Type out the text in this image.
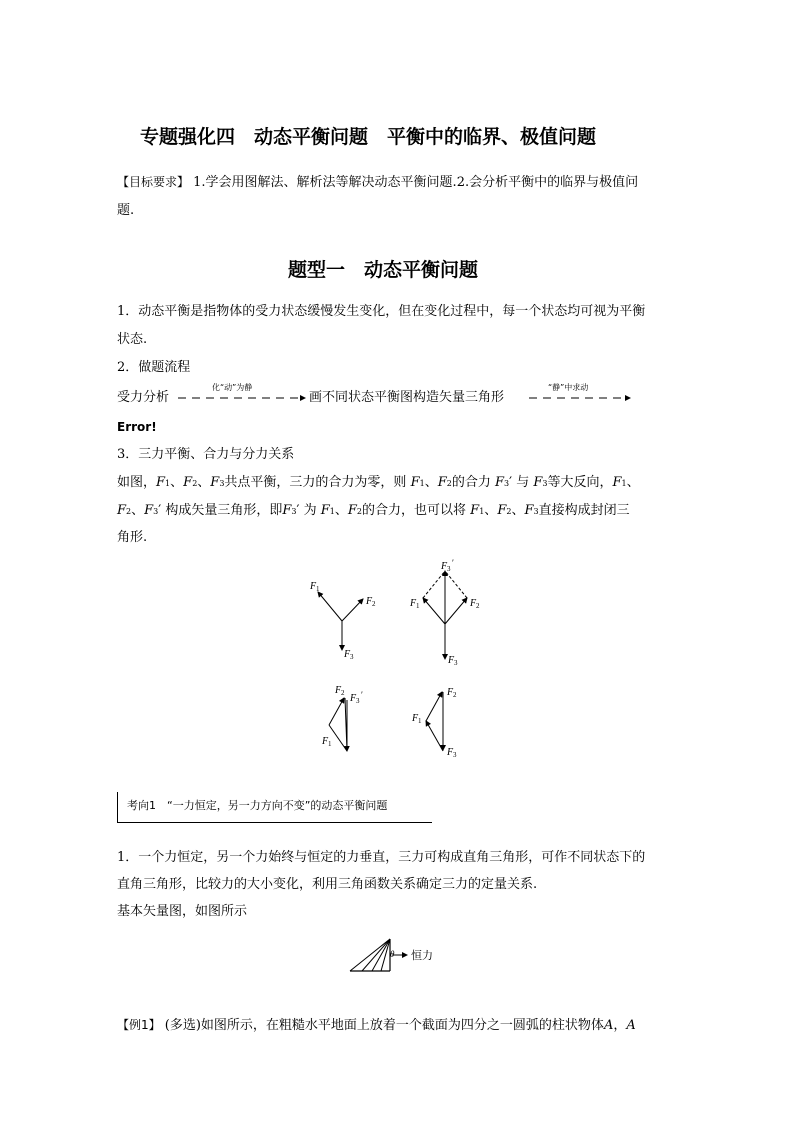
专题强化四　动态平衡问题　平衡中的临界、极值问题
【目标要求】 1.学会用图解法、解析法等解决动态平衡问题.2.会分析平衡中的临界与极值问
题.
题型一　动态平衡问题
1．动态平衡是指物体的受力状态缓慢发生变化，但在变化过程中，每一个状态均可视为平衡
状态.
2．做题流程
受力分析
化“动”为静
画不同状态平衡图构造矢量三角形
“静”中求动
Error!
3．三力平衡、合力与分力关系
如图，F1、F2、F3共点平衡，三力的合力为零，则 F1、F2的合力 F3′ 与 F3等大反向，F1、
F2、F3′ 构成矢量三角形，即F3′ 为 F1、F2的合力，也可以将 F1、F2、F3直接构成封闭三
角形.
F 1
F 2
F 3
F 3
′
F 1	F 2
F 3
F 2 F 3
′
F 1
F 2
F 1
F 3
考向1　“一力恒定，另一力方向不变”的动态平衡问题
1．一个力恒定，另一个力始终与恒定的力垂直，三力可构成直角三角形，可作不同状态下的
直角三角形，比较力的大小变化，利用三角函数关系确定三力的定量关系.
基本矢量图，如图所示
θ 恒力
【例1】 (多选)如图所示，在粗糙水平地面上放着一个截面为四分之一圆弧的柱状物体A，A
